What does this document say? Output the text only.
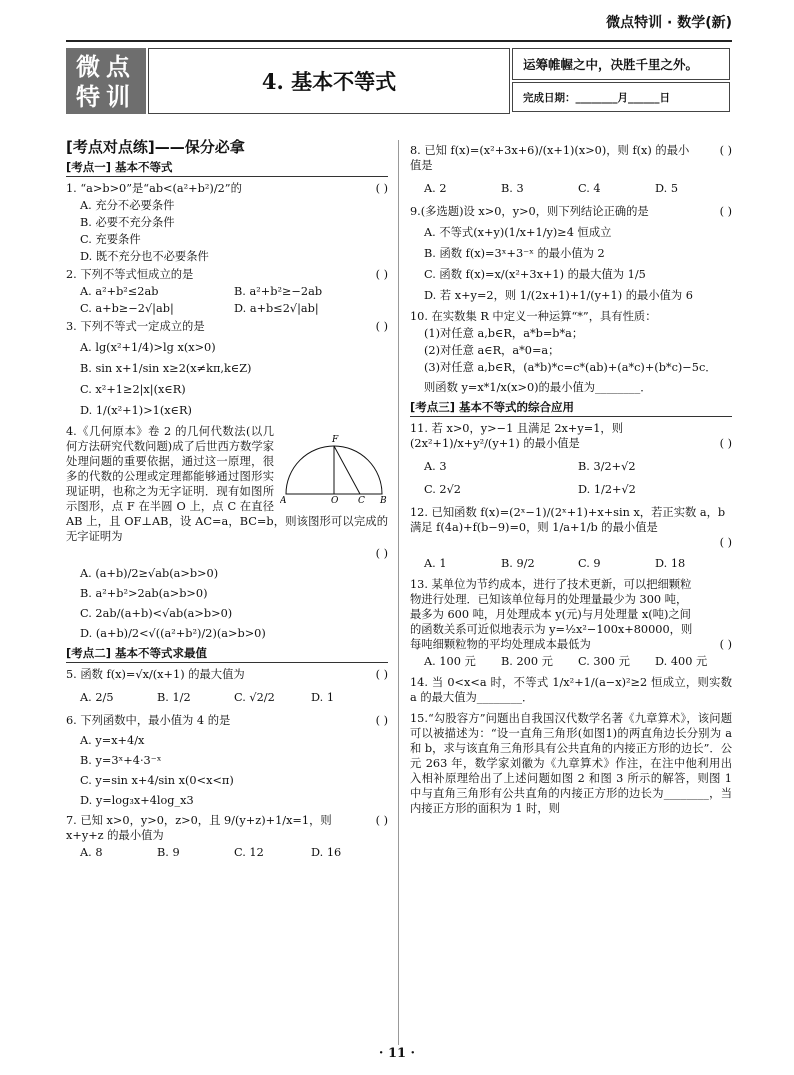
微点特训 · 数学(新)
微点
特训
4. 基本不等式
运筹帷幄之中，决胜千里之外。
完成日期：________月______日
[考点对点练]——保分必拿
[考点一] 基本不等式
1. “a>b>0”是“ab<(a²+b²)/2”的	( )
A. 充分不必要条件
B. 必要不充分条件
C. 充要条件
D. 既不充分也不必要条件
2. 下列不等式恒成立的是	( )
A. a²+b²≤2ab	B. a²+b²≥−2ab
C. a+b≥−2√|ab|	D. a+b≤2√|ab|
3. 下列不等式一定成立的是	( )
A. lg(x²+1/4)>lg x(x>0)
B. sin x+1/sin x≥2(x≠kπ,k∈Z)
C. x²+1≥2|x|(x∈R)
D. 1/(x²+1)>1(x∈R)
F
A	O C B
4.《几何原本》卷 2 的几何代数法(以几何方法研究代数问题)成了后世西方数学家处理问题的重要依据，通过这一原理，很多的代数的公理或定理都能够通过图形实现证明，也称之为无字证明．现有如图所示图形，点 F 在半圆 O 上，点 C 在直径 AB 上，且 OF⊥AB，设 AC=a，BC=b，则该图形可以完成的无字证明为
( )
A. (a+b)/2≥√ab(a>b>0)
B. a²+b²>2ab(a>b>0)
C. 2ab/(a+b)<√ab(a>b>0)
D. (a+b)/2<√((a²+b²)/2)(a>b>0)
[考点二] 基本不等式求最值
5. 函数 f(x)=√x/(x+1) 的最大值为	( )
A. 2/5	B. 1/2	C. √2/2	D. 1
6. 下列函数中，最小值为 4 的是	( )
A. y=x+4/x
B. y=3ˣ+4·3⁻ˣ
C. y=sin x+4/sin x(0<x<π)
D. y=log₃x+4log_x3
7. 已知 x>0，y>0，z>0，且 9/(y+z)+1/x=1，则 x+y+z 的最小值为
( )
A. 8	B. 9	C. 12	D. 16
8. 已知 f(x)=(x²+3x+6)/(x+1)(x>0)，则 f(x) 的最小值是
( )
A. 2	B. 3	C. 4	D. 5
9.(多选题)设 x>0，y>0，则下列结论正确的是	( )
A. 不等式(x+y)(1/x+1/y)≥4 恒成立
B. 函数 f(x)=3ˣ+3⁻ˣ 的最小值为 2
C. 函数 f(x)=x/(x²+3x+1) 的最大值为 1/5
D. 若 x+y=2，则 1/(2x+1)+1/(y+1) 的最小值为 6
10. 在实数集 R 中定义一种运算“*”，具有性质：
(1)对任意 a,b∈R，a*b=b*a；
(2)对任意 a∈R，a*0=a；
(3)对任意 a,b∈R，(a*b)*c=c*(ab)+(a*c)+(b*c)−5c．
则函数 y=x*1/x(x>0)的最小值为________．
[考点三] 基本不等式的综合应用
11. 若 x>0，y>−1 且满足 2x+y=1，则 (2x²+1)/x+y²/(y+1) 的最小值是	( )
A. 3	B. 3/2+√2
C. 2√2	D. 1/2+√2
12. 已知函数 f(x)=(2ˣ−1)/(2ˣ+1)+x+sin x，若正实数 a，b 满足 f(4a)+f(b−9)=0，则 1/a+1/b 的最小值是
( )
A. 1	B. 9/2	C. 9	D. 18
13. 某单位为节约成本，进行了技术更新，可以把细颗粒物进行处理．已知该单位每月的处理量最少为 300 吨，最多为 600 吨，月处理成本 y(元)与月处理量 x(吨)之间的函数关系可近似地表示为 y=½x²−100x+80000，则每吨细颗粒物的平均处理成本最低为	( )
A. 100 元	B. 200 元	C. 300 元	D. 400 元
14. 当 0<x<a 时，不等式 1/x²+1/(a−x)²≥2 恒成立，则实数 a 的最大值为________．
15.“勾股容方”问题出自我国汉代数学名著《九章算术》，该问题可以被描述为：“设一直角三角形(如图1)的两直角边长分别为 a 和 b，求与该直角三角形具有公共直角的内接正方形的边长”．公元 263 年，数学家刘徽为《九章算术》作注，在注中他利用出入相补原理给出了上述问题如图 2 和图 3 所示的解答，则图 1 中与直角三角形有公共直角的内接正方形的边长为________，当内接正方形的面积为 1 时，则
· 11 ·
